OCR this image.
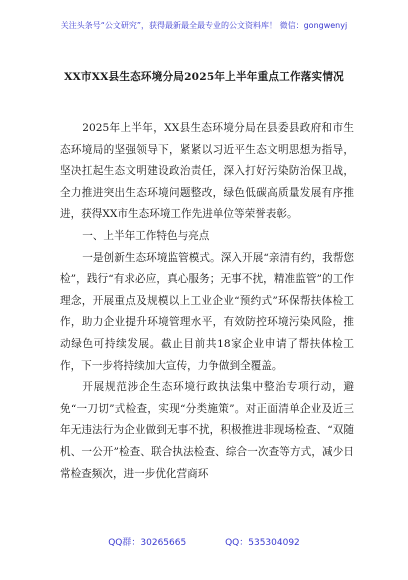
关注头条号“公文研究”，获得最新最全最专业的公文资料库！ 微信：gongwenyj
XX市XX县生态环境分局2025年上半年重点工作落实情况

2025年上半年，XX县生态环境分局在县委县政府和市生态环境局的坚强领导下，紧紧以习近平生态文明思想为指导，坚决扛起生态文明建设政治责任，深入打好污染防治保卫战，全力推进突出生态环境问题整改，绿色低碳高质量发展有序推进，获得XX市生态环境工作先进单位等荣誉表彰。

一、上半年工作特色与亮点

一是创新生态环境监管模式。深入开展“亲清有约，我帮您检”，践行“有求必应，真心服务；无事不扰，精准监管”的工作理念，开展重点及规模以上工业企业“预约式”环保帮扶体检工作，助力企业提升环境管理水平，有效防控环境污染风险，推动绿色可持续发展。截止目前共18家企业申请了帮扶体检工作，下一步将持续加大宣传，力争做到全覆盖。

开展规范涉企生态环境行政执法集中整治专项行动，避免“一刀切”式检查，实现“分类施策”。对正面清单企业及近三年无违法行为企业做到无事不扰，积极推进非现场检查、“双随机、一公开”检查、联合执法检查、综合一次查等方式，减少日常检查频次，进一步优化营商环

QQ群：30265665	QQ：535304092
